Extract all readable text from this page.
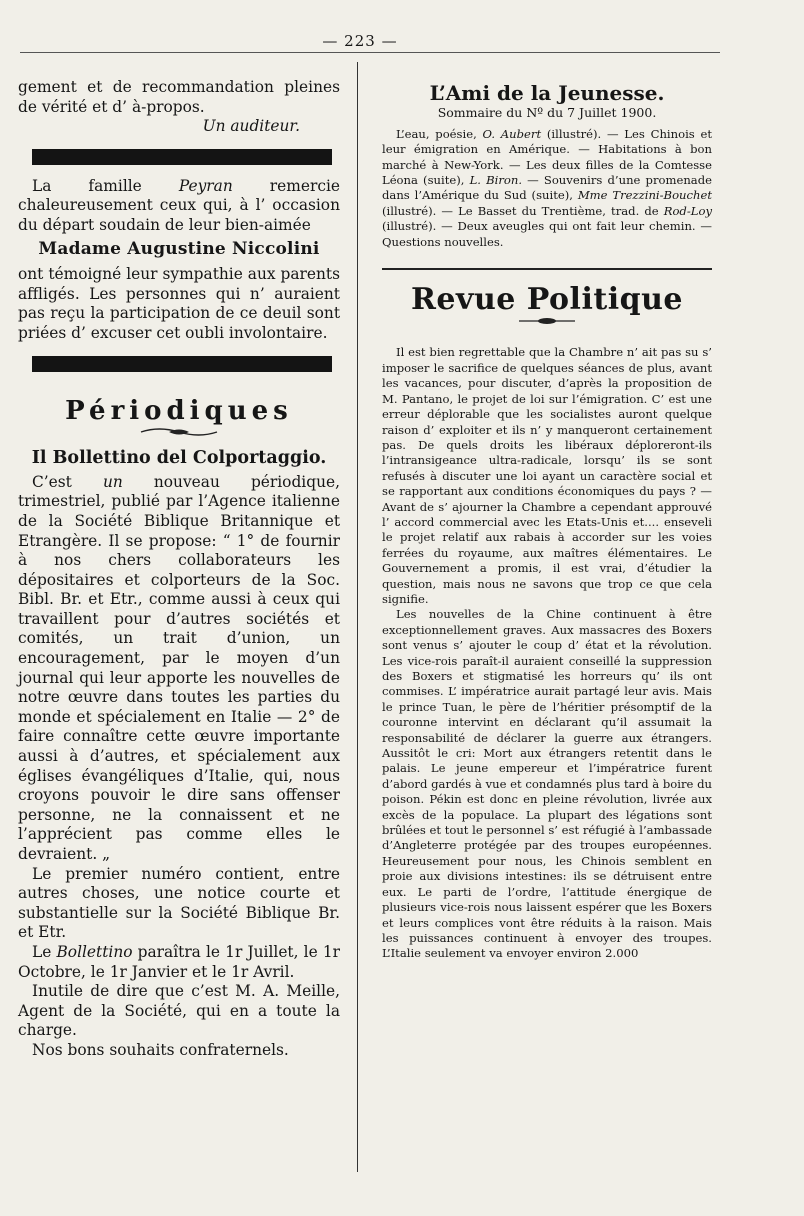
— 223 —

gement et de recommandation pleines de vérité et d’ à-propos.

Un auditeur.

La famille Peyran remercie chaleureusement ceux qui, à l’ occasion du départ soudain de leur bien-aimée

Madame Augustine Niccolini

ont témoigné leur sympathie aux parents affligés. Les personnes qui n’ auraient pas reçu la participation de ce deuil sont priées d’ excuser cet oubli involontaire.

Périodiques
Il Bollettino del Colportaggio.

C’est un nouveau périodique, trimestriel, publié par l’Agence italienne de la Société Biblique Britannique et Etrangère. Il se propose: “ 1° de fournir à nos chers collaborateurs les dépositaires et colporteurs de la Soc. Bibl. Br. et Etr., comme aussi à ceux qui travaillent pour d’autres sociétés et comités, un trait d’union, un encouragement, par le moyen d’un journal qui leur apporte les nouvelles de notre œuvre dans toutes les parties du monde et spécialement en Italie — 2° de faire connaître cette œuvre importante aussi à d’autres, et spécialement aux églises évangéliques d’Italie, qui, nous croyons pouvoir le dire sans offenser personne, ne la connaissent et ne l’apprécient pas comme elles le devraient. „

Le premier numéro contient, entre autres choses, une notice courte et substantielle sur la Société Biblique Br. et Etr.

Le Bollettino paraîtra le 1r Juillet, le 1r Octobre, le 1r Janvier et le 1r Avril.

Inutile de dire que c’est M. A. Meille, Agent de la Société, qui en a toute la charge.

Nos bons souhaits confraternels.

L’Ami de la Jeunesse.
Sommaire du Nº du 7 Juillet 1900.

L’eau, poésie, O. Aubert (illustré). — Les Chinois et leur émigration en Amérique. — Habitations à bon marché à New-York. — Les deux filles de la Comtesse Léona (suite), L. Biron. — Souvenirs d’une promenade dans l’Amérique du Sud (suite), Mme Trezzini-Bouchet (illustré). — Le Basset du Trentième, trad. de Rod-Loy (illustré). — Deux aveugles qui ont fait leur chemin. — Questions nouvelles.

Revue Politique

Il est bien regrettable que la Chambre n’ ait pas su s’ imposer le sacrifice de quelques séances de plus, avant les vacances, pour discuter, d’après la proposition de M. Pantano, le projet de loi sur l’émigration. C’ est une erreur déplorable que les socialistes auront quelque raison d’ exploiter et ils n’ y manqueront certainement pas. De quels droits les libéraux déploreront-ils l’intransigeance ultra-radicale, lorsqu’ ils se sont refusés à discuter une loi ayant un caractère social et se rapportant aux conditions économiques du pays ? — Avant de s’ ajourner la Chambre a cependant approuvé l’ accord commercial avec les Etats-Unis et.... enseveli le projet relatif aux rabais à accorder sur les voies ferrées du royaume, aux maîtres élémentaires. Le Gouvernement a promis, il est vrai, d’étudier la question, mais nous ne savons que trop ce que cela signifie.

Les nouvelles de la Chine continuent à être exceptionnellement graves. Aux massacres des Boxers sont venus s’ ajouter le coup d’ état et la révolution. Les vice-rois paraît-il auraient conseillé la suppression des Boxers et stigmatisé les horreurs qu’ ils ont commises. L’ impératrice aurait partagé leur avis. Mais le prince Tuan, le père de l’héritier présomptif de la couronne intervint en déclarant qu’il assumait la responsabilité de déclarer la guerre aux étrangers. Aussitôt le cri: Mort aux étrangers retentit dans le palais. Le jeune empereur et l’impératrice furent d’abord gardés à vue et condamnés plus tard à boire du poison. Pékin est donc en pleine révolution, livrée aux excès de la populace. La plupart des légations sont brûlées et tout le personnel s’ est réfugié à l’ambassade d’Angleterre protégée par des troupes européennes. Heureusement pour nous, les Chinois semblent en proie aux divisions intestines: ils se détruisent entre eux. Le parti de l’ordre, l’attitude énergique de plusieurs vice-rois nous laissent espérer que les Boxers et leurs complices vont être réduits à la raison. Mais les puissances continuent à envoyer des troupes. L’Italie seulement va envoyer environ 2.000
